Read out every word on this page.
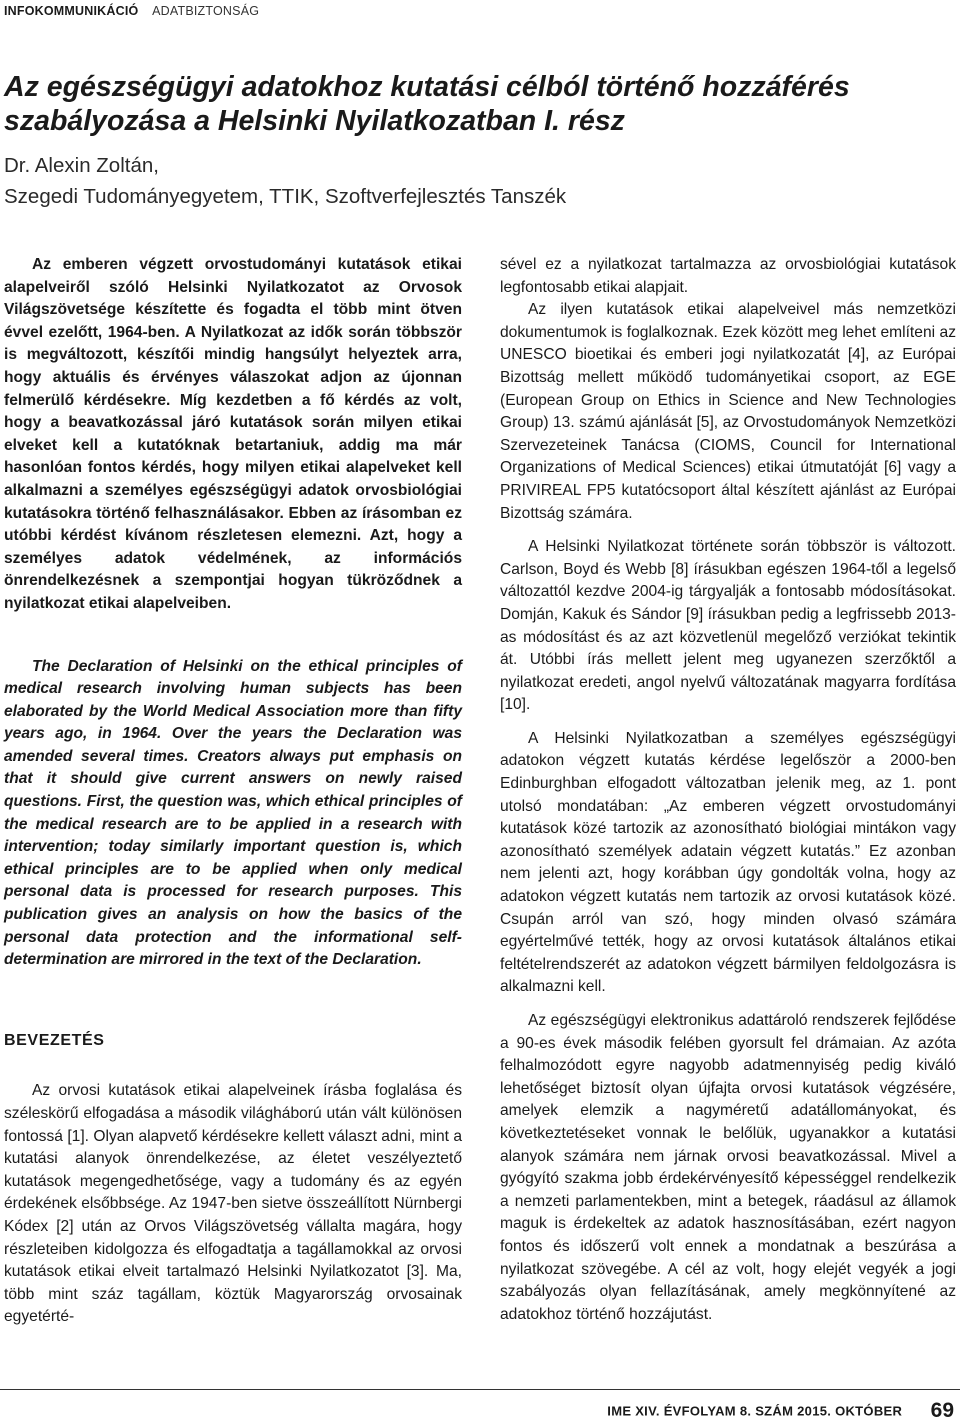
INFOKOMMUNIKÁCIÓ ADATBIZTONSÁG
Az egészségügyi adatokhoz kutatási célból történő hozzáférés szabályozása a Helsinki Nyilatkozatban I. rész
Dr. Alexin Zoltán,
Szegedi Tudományegyetem, TTIK, Szoftverfejlesztés Tanszék

Az emberen végzett orvostudományi kutatások etikai alapelveiről szóló Helsinki Nyilatkozatot az Orvosok Világszövetsége készítette és fogadta el több mint ötven évvel ezelőtt, 1964-ben. A Nyilatkozat az idők során többször is megváltozott, készítői mindig hangsúlyt helyeztek arra, hogy aktuális és érvényes válaszokat adjon az újonnan felmerülő kérdésekre. Míg kezdetben a fő kérdés az volt, hogy a beavatkozással járó kutatások során milyen etikai elveket kell a kutatóknak betartaniuk, addig ma már hasonlóan fontos kérdés, hogy milyen etikai alapelveket kell alkalmazni a személyes egészségügyi adatok orvosbiológiai kutatásokra történő felhasználásakor. Ebben az írásomban ez utóbbi kérdést kívánom részletesen elemezni. Azt, hogy a személyes adatok védelmének, az információs önrendelkezésnek a szempontjai hogyan tükröződnek a nyilatkozat etikai alapelveiben.

The Declaration of Helsinki on the ethical principles of medical research involving human subjects has been elaborated by the World Medical Association more than fifty years ago, in 1964. Over the years the Declaration was amended several times. Creators always put emphasis on that it should give current answers on newly raised questions. First, the question was, which ethical principles of the medical research are to be applied in a research with intervention; today similarly important question is, which ethical principles are to be applied when only medical personal data is processed for research purposes. This publication gives an analysis on how the basics of the personal data protection and the informational self-determination are mirrored in the text of the Declaration.

BEVEZETÉS

Az orvosi kutatások etikai alapelveinek írásba foglalása és széleskörű elfogadása a második világháború után vált különösen fontossá [1]. Olyan alapvető kérdésekre kellett választ adni, mint a kutatási alanyok önrendelkezése, az életet veszélyeztető kutatások megengedhetősége, vagy a tudomány és az egyén érdekének elsőbbsége. Az 1947-ben sietve összeállított Nürnbergi Kódex [2] után az Orvos Világszövetség vállalta magára, hogy részleteiben kidolgozza és elfogadtatja a tagállamokkal az orvosi kutatások etikai elveit tartalmazó Helsinki Nyilatkozatot [3]. Ma, több mint száz tagállam, köztük Magyarország orvosainak egyetérté-

sével ez a nyilatkozat tartalmazza az orvosbiológiai kutatások legfontosabb etikai alapjait.

Az ilyen kutatások etikai alapelveivel más nemzetközi dokumentumok is foglalkoznak. Ezek között meg lehet említeni az UNESCO bioetikai és emberi jogi nyilatkozatát [4], az Európai Bizottság mellett működő tudományetikai csoport, az EGE (European Group on Ethics in Science and New Technologies Group) 13. számú ajánlását [5], az Orvostudományok Nemzetközi Szervezeteinek Tanácsa (CIOMS, Council for International Organizations of Medical Sciences) etikai útmutatóját [6] vagy a PRIVIREAL FP5 kutatócsoport által készített ajánlást az Európai Bizottság számára.

A Helsinki Nyilatkozat története során többször is változott. Carlson, Boyd és Webb [8] írásukban egészen 1964-től a legelső változattól kezdve 2004-ig tárgyalják a fontosabb módosításokat. Domján, Kakuk és Sándor [9] írásukban pedig a legfrissebb 2013-as módosítást és az azt közvetlenül megelőző verziókat tekintik át. Utóbbi írás mellett jelent meg ugyanezen szerzőktől a nyilatkozat eredeti, angol nyelvű változatának magyarra fordítása [10].

A Helsinki Nyilatkozatban a személyes egészségügyi adatokon végzett kutatás kérdése legelőször a 2000-ben Edinburghban elfogadott változatban jelenik meg, az 1. pont utolsó mondatában: „Az emberen végzett orvostudományi kutatások közé tartozik az azonosítható biológiai mintákon vagy azonosítható személyek adatain végzett kutatás.” Ez azonban nem jelenti azt, hogy korábban úgy gondolták volna, hogy az adatokon végzett kutatás nem tartozik az orvosi kutatások közé. Csupán arról van szó, hogy minden olvasó számára egyértelművé tették, hogy az orvosi kutatások általános etikai feltételrendszerét az adatokon végzett bármilyen feldolgozásra is alkalmazni kell.

Az egészségügyi elektronikus adattároló rendszerek fejlődése a 90-es évek második felében gyorsult fel drámaian. Az azóta felhalmozódott egyre nagyobb adatmennyiség pedig kiváló lehetőséget biztosít olyan újfajta orvosi kutatások végzésére, amelyek elemzik a nagyméretű adatállományokat, és következtetéseket vonnak le belőlük, ugyanakkor a kutatási alanyok számára nem járnak orvosi beavatkozással. Mivel a gyógyító szakma jobb érdekérvényesítő képességgel rendelkezik a nemzeti parlamentekben, mint a betegek, ráadásul az államok maguk is érdekeltek az adatok hasznosításában, ezért nagyon fontos és időszerű volt ennek a mondatnak a beszúrása a nyilatkozat szövegébe. A cél az volt, hogy elejét vegyék a jogi szabályozás olyan fellazításának, amely megkönnyítené az adatokhoz történő hozzájutást.

IME XIV. ÉVFOLYAM 8. SZÁM 2015. OKTÓBER 69
